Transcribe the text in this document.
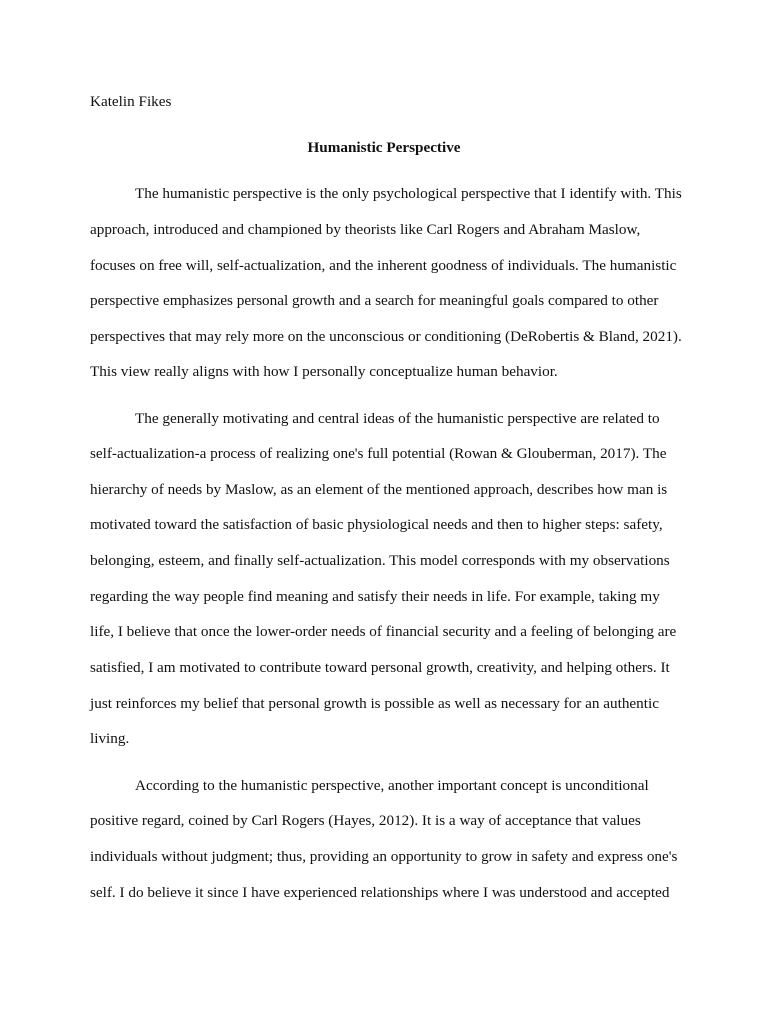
Katelin Fikes
Humanistic Perspective
The humanistic perspective is the only psychological perspective that I identify with. This
approach, introduced and championed by theorists like Carl Rogers and Abraham Maslow,
focuses on free will, self-actualization, and the inherent goodness of individuals. The humanistic
perspective emphasizes personal growth and a search for meaningful goals compared to other
perspectives that may rely more on the unconscious or conditioning (DeRobertis & Bland, 2021).
This view really aligns with how I personally conceptualize human behavior.
The generally motivating and central ideas of the humanistic perspective are related to
self-actualization-a process of realizing one's full potential (Rowan & Glouberman, 2017). The
hierarchy of needs by Maslow, as an element of the mentioned approach, describes how man is
motivated toward the satisfaction of basic physiological needs and then to higher steps: safety,
belonging, esteem, and finally self-actualization. This model corresponds with my observations
regarding the way people find meaning and satisfy their needs in life. For example, taking my
life, I believe that once the lower-order needs of financial security and a feeling of belonging are
satisfied, I am motivated to contribute toward personal growth, creativity, and helping others. It
just reinforces my belief that personal growth is possible as well as necessary for an authentic
living.
According to the humanistic perspective, another important concept is unconditional
positive regard, coined by Carl Rogers (Hayes, 2012). It is a way of acceptance that values
individuals without judgment; thus, providing an opportunity to grow in safety and express one's
self. I do believe it since I have experienced relationships where I was understood and accepted
